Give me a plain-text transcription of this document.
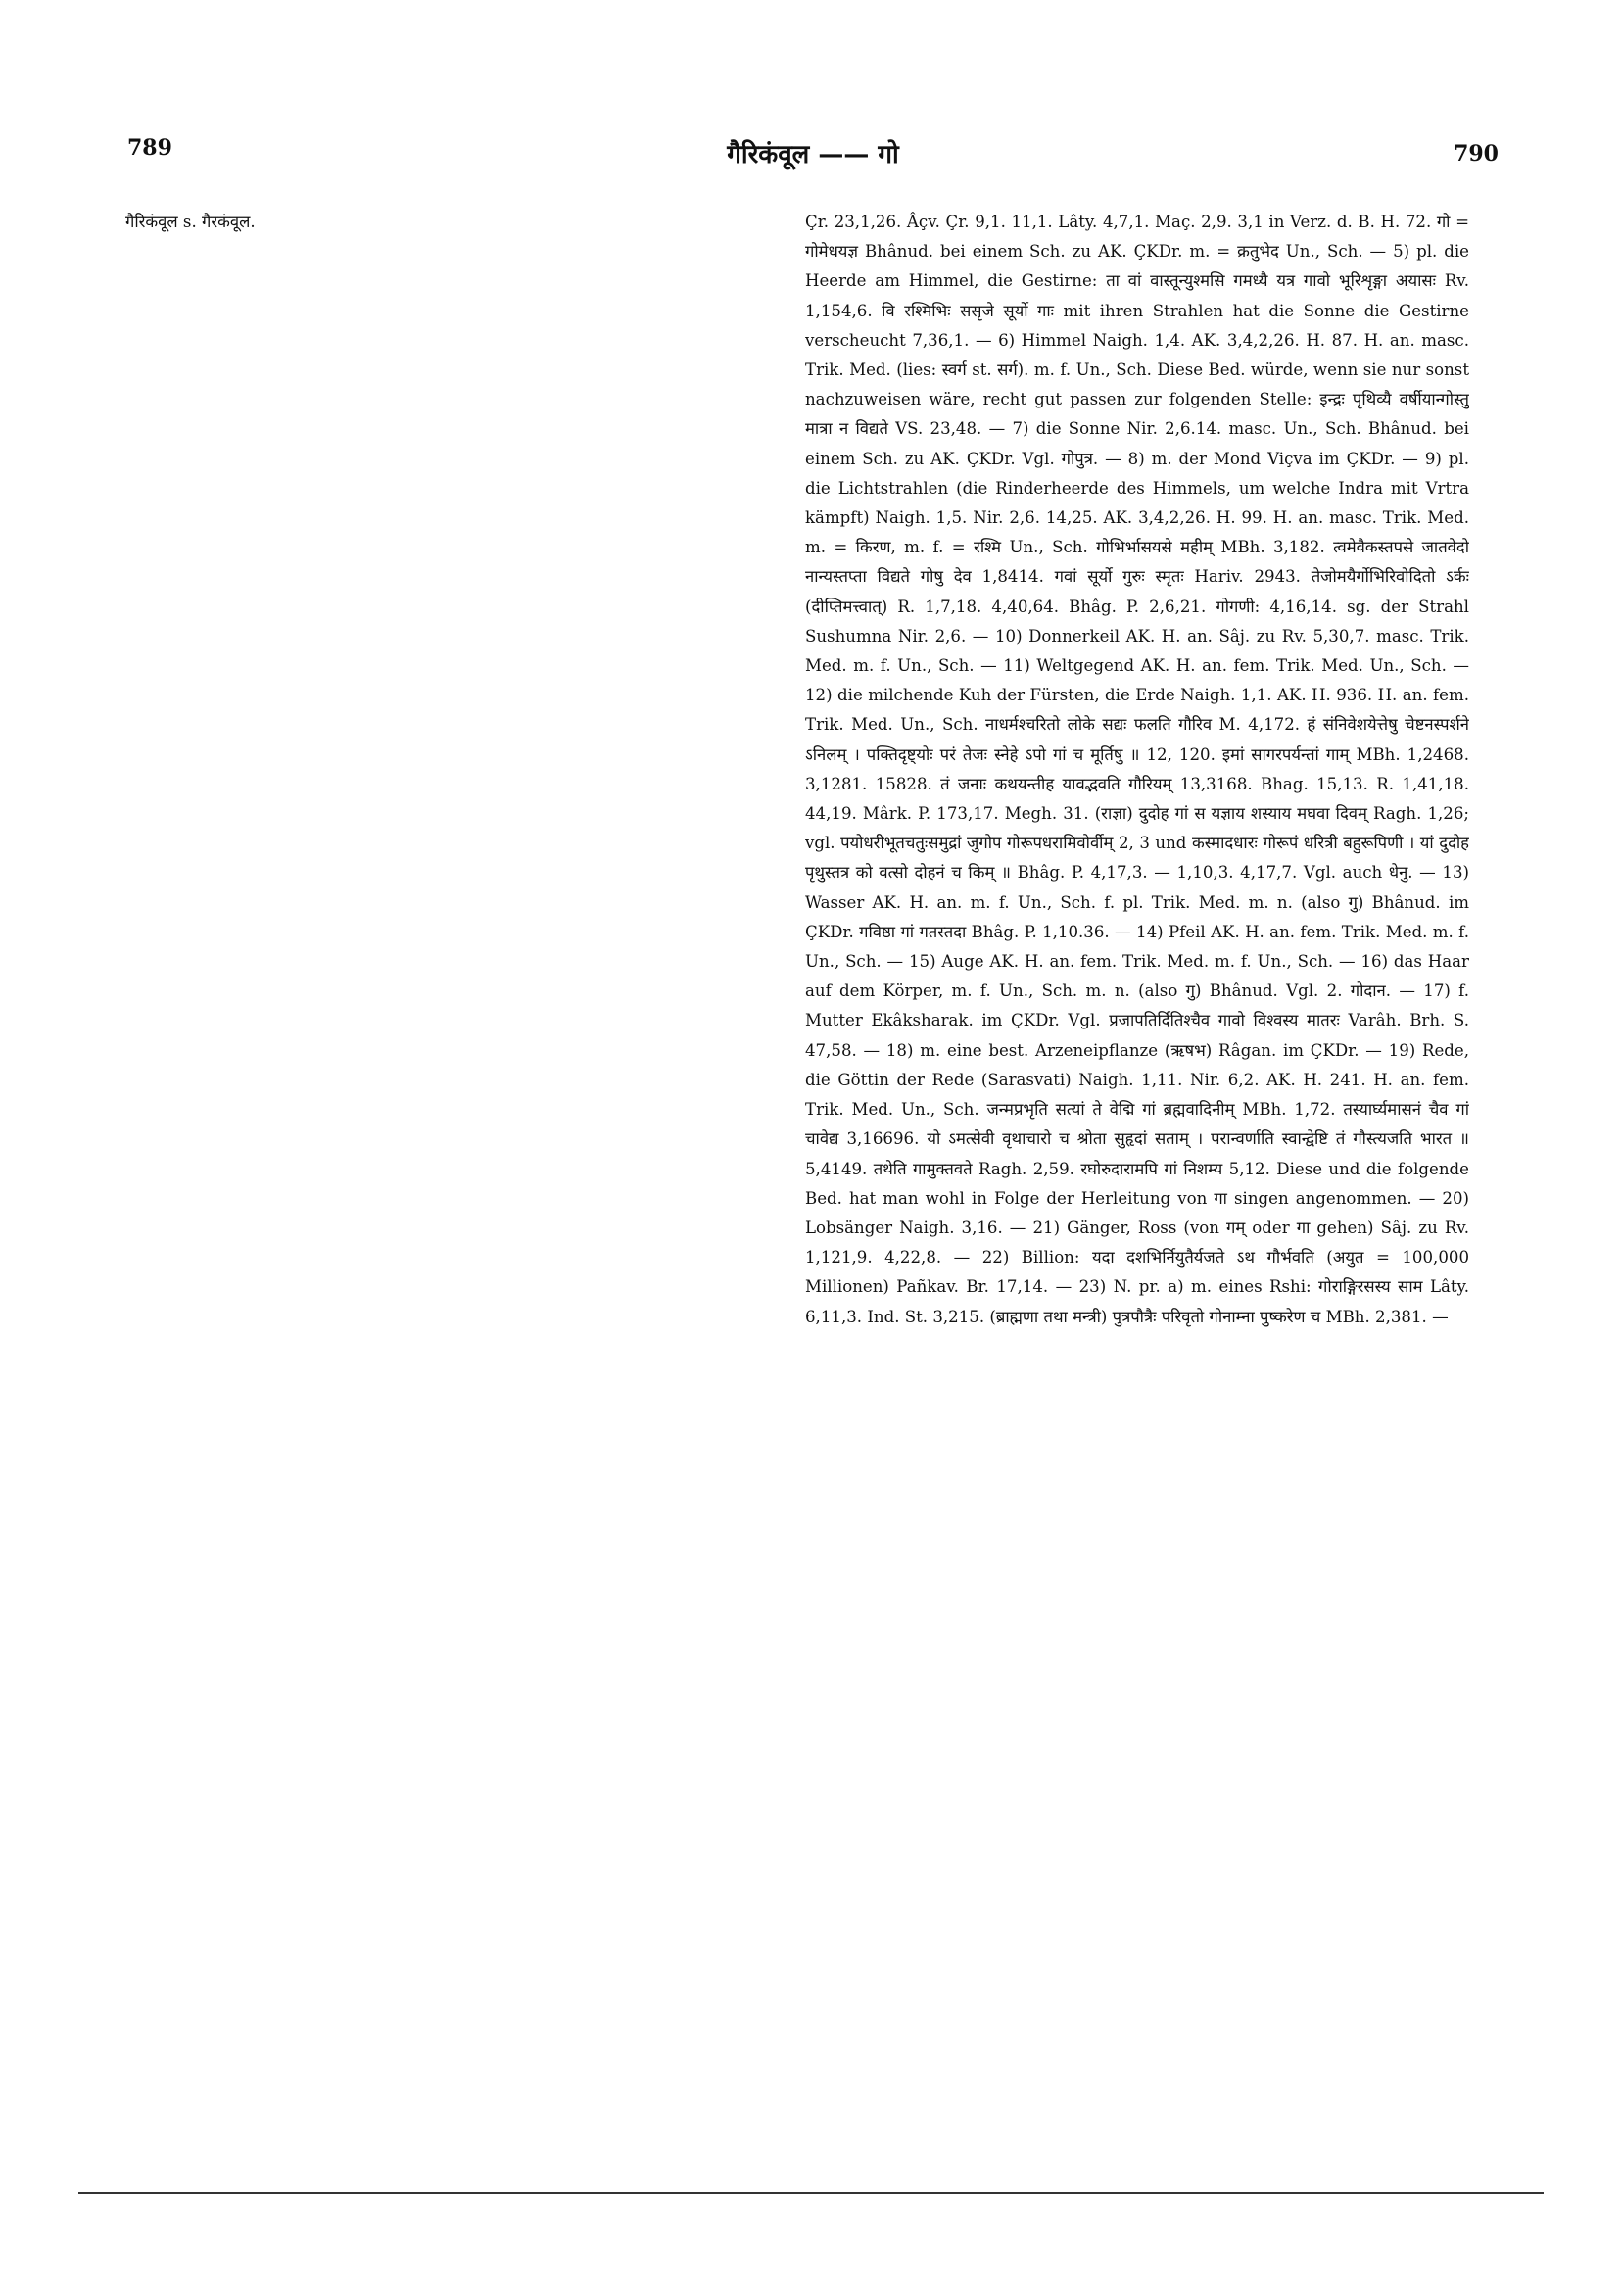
789	गैरिकंवूल —— गो	790

गैरिकंवूल s. गैरकंवूल.	Çr. 23,1,26. Âçv. Çr. 9,1. 11,1. Lâty. 4,7,1. Maç. 2,9. 3,1 in Verz. d. B. H. 72. गो = गोमेधयज्ञ Bhânud. bei einem Sch. zu AK. ÇKDr. m. = क्रतुभेद Un., Sch. — 5) pl. die Heerde am Himmel, die Gestirne: ता वां वास्तून्युश्मसि गमध्यै यत्र गावो भूरिशृङ्गा अयासः Rv. 1,154,6. वि रश्मिभिः ससृजे सूर्यो गाः mit ihren Strahlen hat die Sonne die Gestirne verscheucht 7,36,1. — 6) Himmel Naigh. 1,4. AK. 3,4,2,26. H. 87. H. an. masc. Trik. Med. (lies: स्वर्ग st. सर्ग). m. f. Un., Sch. Diese Bed. würde, wenn sie nur sonst nachzuweisen wäre, recht gut passen zur folgenden Stelle: इन्द्रः पृथिव्यै वर्षीयान्गोस्तु मात्रा न विद्यते VS. 23,48. — 7) die Sonne Nir. 2,6.14. masc. Un., Sch. Bhânud. bei einem Sch. zu AK. ÇKDr. Vgl. गोपुत्र. — 8) m. der Mond Viçva im ÇKDr. — 9) pl. die Lichtstrahlen (die Rinderheerde des Himmels, um welche Indra mit Vrtra kämpft) Naigh. 1,5. Nir. 2,6. 14,25. AK. 3,4,2,26. H. 99. H. an. masc. Trik. Med. m. = किरण, m. f. = रश्मि Un., Sch. गोभिर्भासयसे महीम् MBh. 3,182. त्वमेवैकस्तपसे जातवेदो नान्यस्तप्ता विद्यते गोषु देव 1,8414. गवां सूर्यो गुरुः स्मृतः Hariv. 2943. तेजोमयैर्गोभिरिवोदितो ऽर्कः (दीप्तिमत्त्वात्) R. 1,7,18. 4,40,64. Bhâg. P. 2,6,21. गोगणी: 4,16,14. sg. der Strahl Sushumna Nir. 2,6. — 10) Donnerkeil AK. H. an. Sâj. zu Rv. 5,30,7. masc. Trik. Med. m. f. Un., Sch. — 11) Weltgegend AK. H. an. fem. Trik. Med. Un., Sch. — 12) die milchende Kuh der Fürsten, die Erde Naigh. 1,1. AK. H. 936. H. an. fem. Trik. Med. Un., Sch. नाधर्मश्चरितो लोके सद्यः फलति गौरिव M. 4,172. हं संनिवेशयेत्तेषु चेष्टनस्पर्शने ऽनिलम् । पक्तिदृष्ट्योः परं तेजः स्नेहे ऽपो गां च मूर्तिषु ॥ 12, 120. इमां सागरपर्यन्तां गाम् MBh. 1,2468. 3,1281. 15828. तं जनाः कथयन्तीह यावद्भवति गौरियम् 13,3168. Bhag. 15,13. R. 1,41,18. 44,19. Mârk. P. 173,17. Megh. 31. (राज्ञा) दुदोह गां स यज्ञाय शस्याय मघवा दिवम् Ragh. 1,26; vgl. पयोधरीभूतचतुःसमुद्रां जुगोप गोरूपधरामिवोर्वीम् 2, 3 und कस्मादधारः गोरूपं धरित्री बहुरूपिणी । यां दुदोह पृथुस्तत्र को वत्सो दोहनं च किम् ॥ Bhâg. P. 4,17,3. — 1,10,3. 4,17,7. Vgl. auch धेनु. — 13) Wasser AK. H. an. m. f. Un., Sch. f. pl. Trik. Med. m. n. (also गु) Bhânud. im ÇKDr. गविष्ठा गां गतस्तदा Bhâg. P. 1,10.36. — 14) Pfeil AK. H. an. fem. Trik. Med. m. f. Un., Sch. — 15) Auge AK. H. an. fem. Trik. Med. m. f. Un., Sch. — 16) das Haar auf dem Körper, m. f. Un., Sch. m. n. (also गु) Bhânud. Vgl. 2. गोदान. — 17) f. Mutter Ekâksharak. im ÇKDr. Vgl. प्रजापतिर्दितिश्चैव गावो विश्वस्य मातरः Varâh. Brh. S. 47,58. — 18) m. eine best. Arzeneipflanze (ऋषभ) Râgan. im ÇKDr. — 19) Rede, die Göttin der Rede (Sarasvati) Naigh. 1,11. Nir. 6,2. AK. H. 241. H. an. fem. Trik. Med. Un., Sch. जन्मप्रभृति सत्यां ते वेद्मि गां ब्रह्मवादिनीम् MBh. 1,72. तस्यार्घ्यमासनं चैव गां चावेद्य 3,16696. यो ऽमत्सेवी वृथाचारो च श्रोता सुहृदां सताम् । परान्वर्णाति स्वान्द्वेष्टि तं गौस्त्यजति भारत ॥ 5,4149. तथेति गामुक्तवते Ragh. 2,59. रघोरुदारामपि गां निशम्य 5,12. Diese und die folgende Bed. hat man wohl in Folge der Herleitung von गा singen angenommen. — 20) Lobsänger Naigh. 3,16. — 21) Gänger, Ross (von गम् oder गा gehen) Sâj. zu Rv. 1,121,9. 4,22,8. — 22) Billion: यदा दशभिर्नियुतैर्यजते ऽथ गौर्भवति (अयुत = 100,000 Millionen) Pañkav. Br. 17,14. — 23) N. pr. a) m. eines Rshi: गोराङ्गिरसस्य साम Lâty. 6,11,3. Ind. St. 3,215. (ब्राह्मणा तथा मन्त्री) पुत्रपौत्रैः परिवृतो गोनाम्ना पुष्करेण च MBh. 2,381. —
